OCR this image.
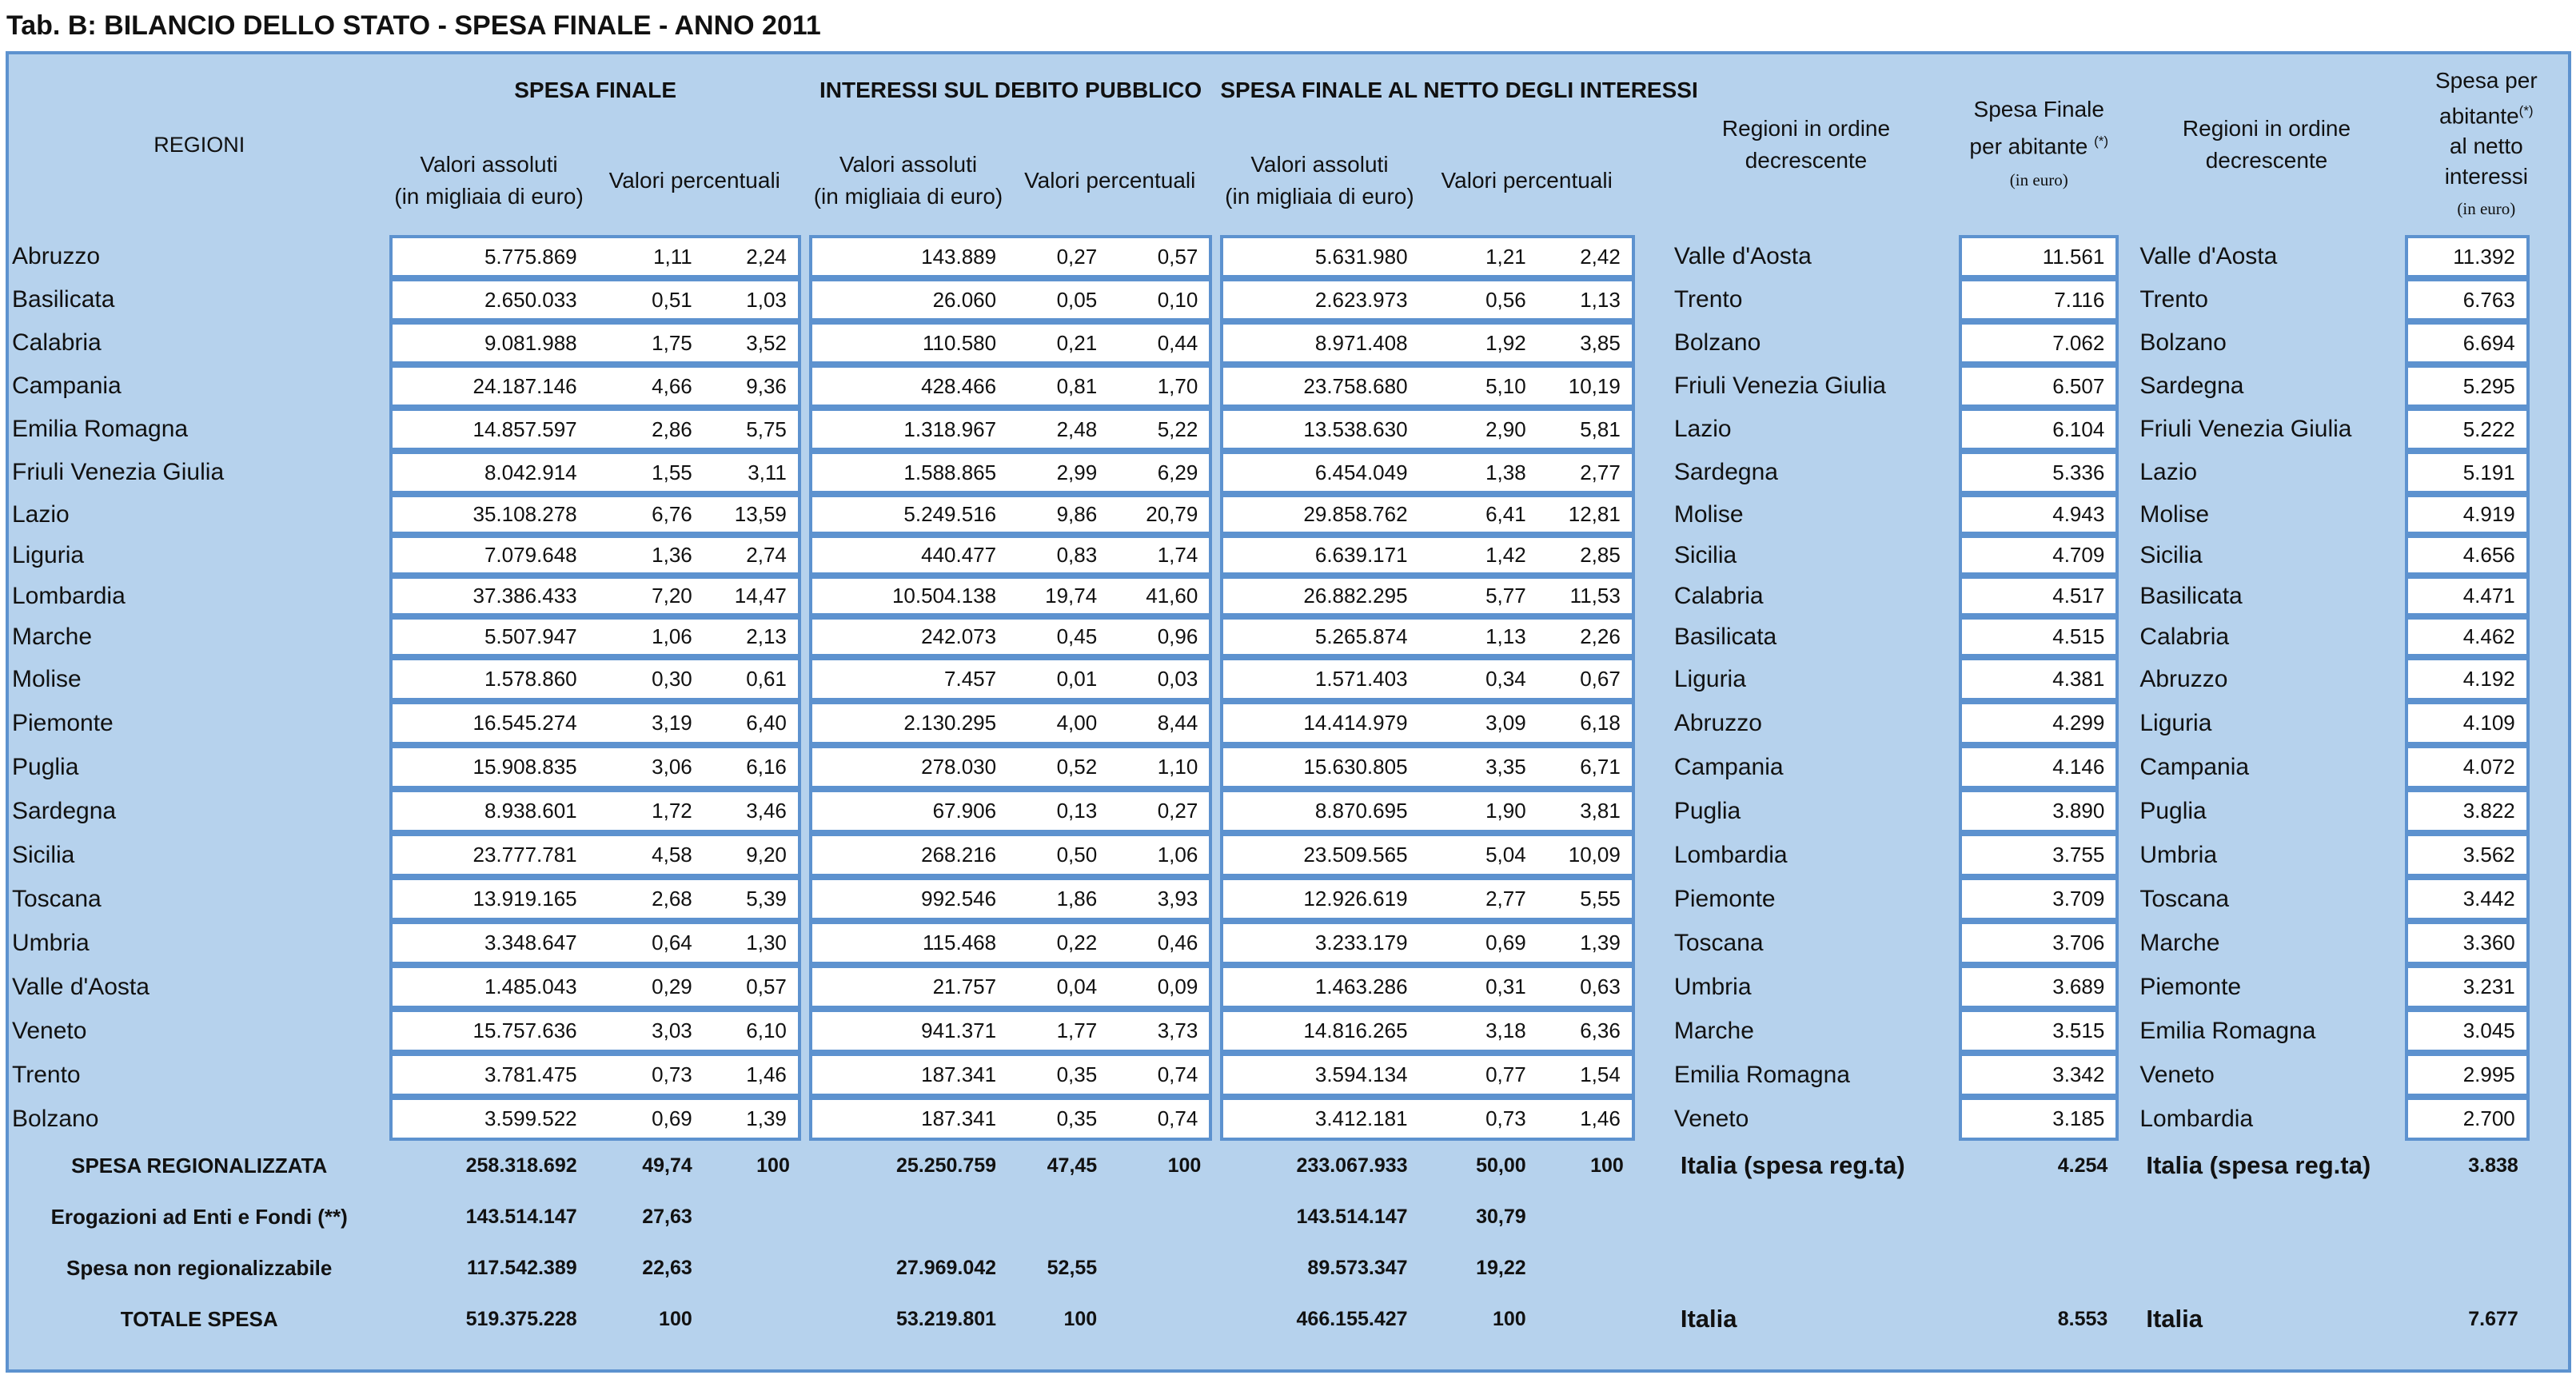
Tab. B: BILANCIO DELLO STATO - SPESA FINALE - ANNO 2011
REGIONI	SPESA FINALE				INTERESSI SUL DEBITO PUBBLICO				SPESA FINALE AL NETTO DEGLI INTERESSI				Regioni in ordine
decrescente		Spesa Finale
per abitante (*)
(in euro)		Regioni in ordine
decrescente		Spesa per
abitante(*)
al netto
interessi
(in euro)	
	Valori assoluti
(in migliaia di euro)	Valori percentuali			Valori assoluti
(in migliaia di euro)	Valori percentuali			Valori assoluti
(in migliaia di euro)	Valori percentuali										
Abruzzo	5.775.869	1,11	2,24		143.889	0,27	0,57		5.631.980	1,21	2,42		Valle d'Aosta		11.561		Valle d'Aosta		11.392	
Basilicata	2.650.033	0,51	1,03		26.060	0,05	0,10		2.623.973	0,56	1,13		Trento		7.116		Trento		6.763	
Calabria	9.081.988	1,75	3,52		110.580	0,21	0,44		8.971.408	1,92	3,85		Bolzano		7.062		Bolzano		6.694	
Campania	24.187.146	4,66	9,36		428.466	0,81	1,70		23.758.680	5,10	10,19		Friuli Venezia Giulia		6.507		Sardegna		5.295	
Emilia Romagna	14.857.597	2,86	5,75		1.318.967	2,48	5,22		13.538.630	2,90	5,81		Lazio		6.104		Friuli Venezia Giulia		5.222	
Friuli Venezia Giulia	8.042.914	1,55	3,11		1.588.865	2,99	6,29		6.454.049	1,38	2,77		Sardegna		5.336		Lazio		5.191	
Lazio	35.108.278	6,76	13,59		5.249.516	9,86	20,79		29.858.762	6,41	12,81		Molise		4.943		Molise		4.919	
Liguria	7.079.648	1,36	2,74		440.477	0,83	1,74		6.639.171	1,42	2,85		Sicilia		4.709		Sicilia		4.656	
Lombardia	37.386.433	7,20	14,47		10.504.138	19,74	41,60		26.882.295	5,77	11,53		Calabria		4.517		Basilicata		4.471	
Marche	5.507.947	1,06	2,13		242.073	0,45	0,96		5.265.874	1,13	2,26		Basilicata		4.515		Calabria		4.462	
Molise	1.578.860	0,30	0,61		7.457	0,01	0,03		1.571.403	0,34	0,67		Liguria		4.381		Abruzzo		4.192	
Piemonte	16.545.274	3,19	6,40		2.130.295	4,00	8,44		14.414.979	3,09	6,18		Abruzzo		4.299		Liguria		4.109	
Puglia	15.908.835	3,06	6,16		278.030	0,52	1,10		15.630.805	3,35	6,71		Campania		4.146		Campania		4.072	
Sardegna	8.938.601	1,72	3,46		67.906	0,13	0,27		8.870.695	1,90	3,81		Puglia		3.890		Puglia		3.822	
Sicilia	23.777.781	4,58	9,20		268.216	0,50	1,06		23.509.565	5,04	10,09		Lombardia		3.755		Umbria		3.562	
Toscana	13.919.165	2,68	5,39		992.546	1,86	3,93		12.926.619	2,77	5,55		Piemonte		3.709		Toscana		3.442	
Umbria	3.348.647	0,64	1,30		115.468	0,22	0,46		3.233.179	0,69	1,39		Toscana		3.706		Marche		3.360	
Valle d'Aosta	1.485.043	0,29	0,57		21.757	0,04	0,09		1.463.286	0,31	0,63		Umbria		3.689		Piemonte		3.231	
Veneto	15.757.636	3,03	6,10		941.371	1,77	3,73		14.816.265	3,18	6,36		Marche		3.515		Emilia Romagna		3.045	
Trento	3.781.475	0,73	1,46		187.341	0,35	0,74		3.594.134	0,77	1,54		Emilia Romagna		3.342		Veneto		2.995	
Bolzano	3.599.522	0,69	1,39		187.341	0,35	0,74		3.412.181	0,73	1,46		Veneto		3.185		Lombardia		2.700	
SPESA REGIONALIZZATA	258.318.692	49,74	100		25.250.759	47,45	100		233.067.933	50,00	100		Italia (spesa reg.ta)		4.254		Italia (spesa reg.ta)		3.838	
Erogazioni ad Enti e Fondi (**)	143.514.147	27,63							143.514.147	30,79										
Spesa non regionalizzabile	117.542.389	22,63			27.969.042	52,55			89.573.347	19,22										
TOTALE SPESA	519.375.228	100			53.219.801	100			466.155.427	100			Italia		8.553		Italia		7.677	
